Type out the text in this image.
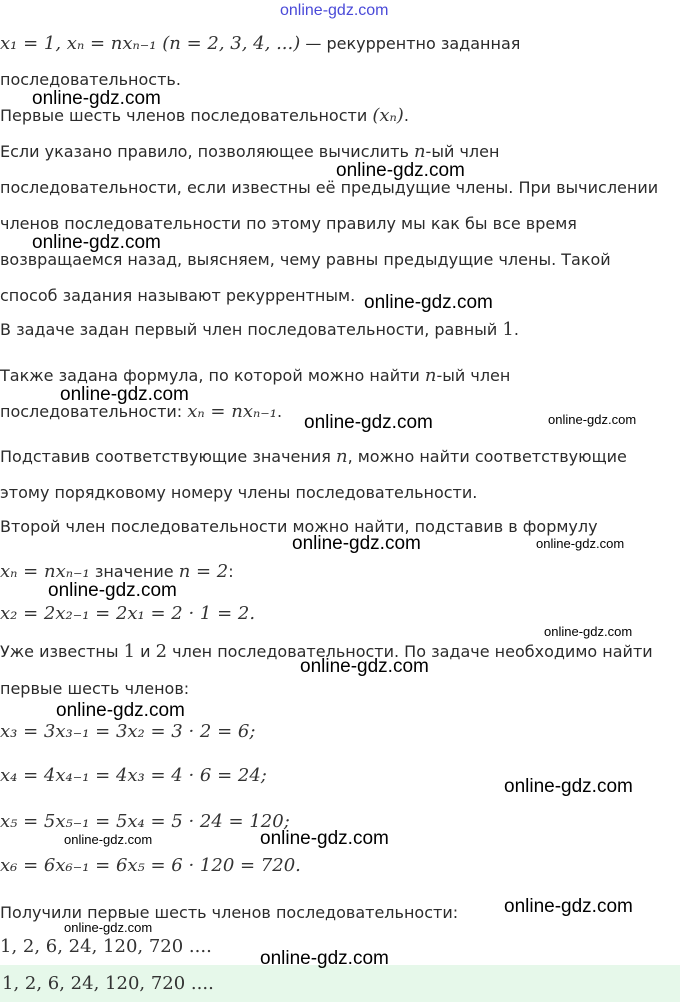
online-gdz.com
x₁ = 1, xₙ = nxₙ₋₁ (n = 2, 3, 4, ...) — рекуррентно заданная
последовательность.
Первые шесть членов последовательности (xₙ).
Если указано правило, позволяющее вычислить n-ый член
последовательности, если известны её предыдущие члены. При вычислении
членов последовательности по этому правилу мы как бы все время
возвращаемся назад, выясняем, чему равны предыдущие члены. Такой
способ задания называют рекуррентным.
В задаче задан первый член последовательности, равный 1.
Также задана формула, по которой можно найти n-ый член
последовательности: xₙ = nxₙ₋₁.
Подставив соответствующие значения n, можно найти соответствующие
этому порядковому номеру члены последовательности.
Второй член последовательности можно найти, подставив в формулу
xₙ = nxₙ₋₁ значение n = 2:
x₂ = 2x₂₋₁ = 2x₁ = 2 · 1 = 2.
Уже известны 1 и 2 член последовательности. По задаче необходимо найти
первые шесть членов:
x₃ = 3x₃₋₁ = 3x₂ = 3 · 2 = 6;
x₄ = 4x₄₋₁ = 4x₃ = 4 · 6 = 24;
x₅ = 5x₅₋₁ = 5x₄ = 5 · 24 = 120;
x₆ = 6x₆₋₁ = 6x₅ = 6 · 120 = 720.
Получили первые шесть членов последовательности:
1, 2, 6, 24, 120, 720 ....
1, 2, 6, 24, 120, 720 ....
online-gdz.com
online-gdz.com
online-gdz.com
online-gdz.com
online-gdz.com
online-gdz.com	online-gdz.com
online-gdz.com	online-gdz.com
online-gdz.com
online-gdz.com
online-gdz.com
online-gdz.com
online-gdz.com
online-gdz.com
online-gdz.com
online-gdz.com
online-gdz.com
online-gdz.com
